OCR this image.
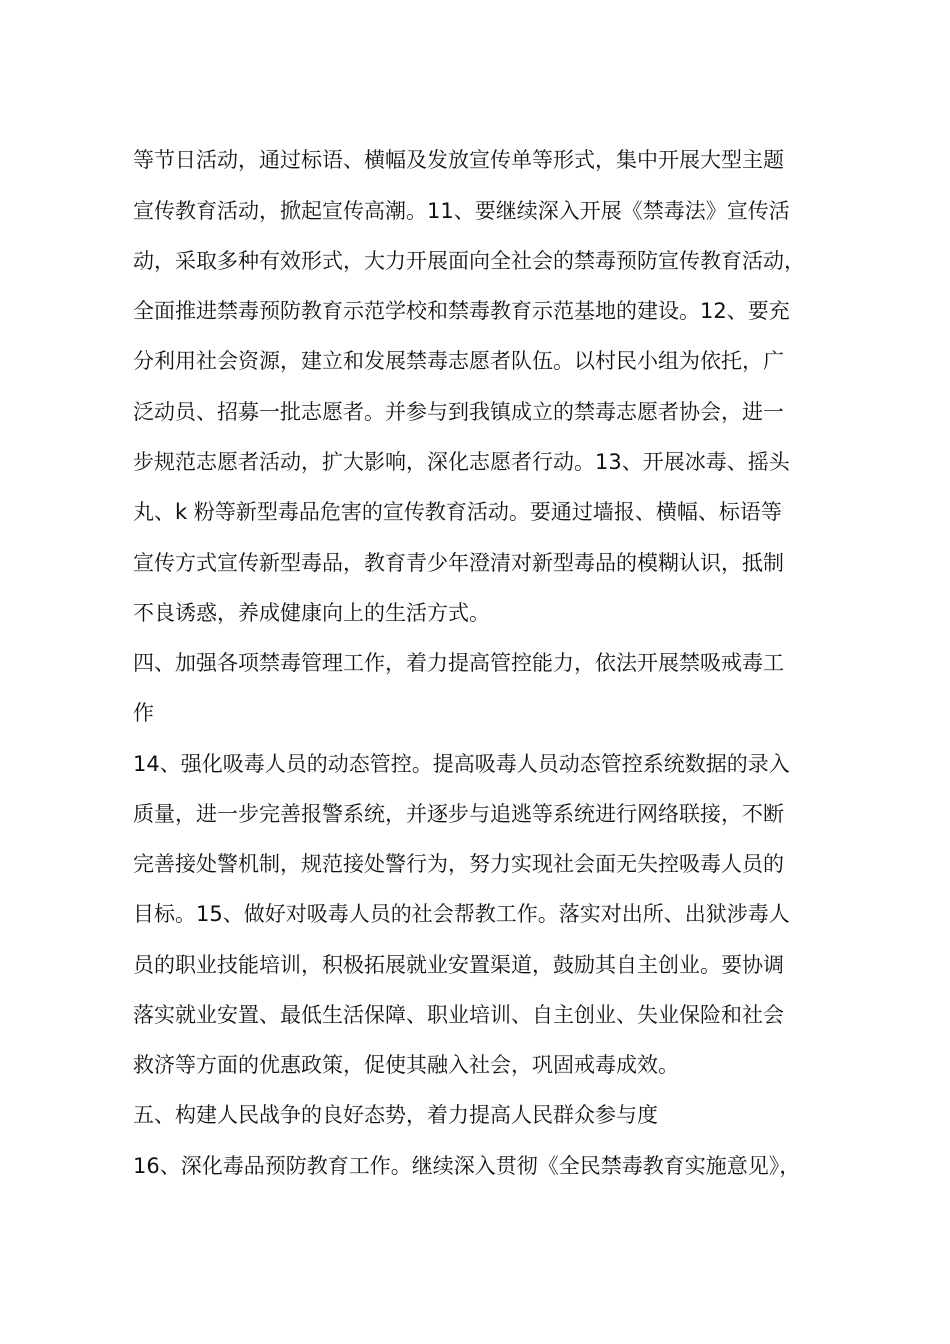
等节日活动，通过标语、横幅及发放宣传单等形式，集中开展大型主题
宣传教育活动，掀起宣传高潮。11、要继续深入开展《禁毒法》宣传活
动，采取多种有效形式，大力开展面向全社会的禁毒预防宣传教育活动，
全面推进禁毒预防教育示范学校和禁毒教育示范基地的建设。12、要充
分利用社会资源，建立和发展禁毒志愿者队伍。以村民小组为依托，广
泛动员、招募一批志愿者。并参与到我镇成立的禁毒志愿者协会，进一
步规范志愿者活动，扩大影响，深化志愿者行动。13、开展冰毒、摇头
丸、k 粉等新型毒品危害的宣传教育活动。要通过墙报、横幅、标语等
宣传方式宣传新型毒品，教育青少年澄清对新型毒品的模糊认识，抵制
不良诱惑，养成健康向上的生活方式。
四、加强各项禁毒管理工作，着力提高管控能力，依法开展禁吸戒毒工
作
14、强化吸毒人员的动态管控。提高吸毒人员动态管控系统数据的录入
质量，进一步完善报警系统，并逐步与追逃等系统进行网络联接，不断
完善接处警机制，规范接处警行为，努力实现社会面无失控吸毒人员的
目标。15、做好对吸毒人员的社会帮教工作。落实对出所、出狱涉毒人
员的职业技能培训，积极拓展就业安置渠道，鼓励其自主创业。要协调
落实就业安置、最低生活保障、职业培训、自主创业、失业保险和社会
救济等方面的优惠政策，促使其融入社会，巩固戒毒成效。
五、构建人民战争的良好态势，着力提高人民群众参与度
16、深化毒品预防教育工作。继续深入贯彻《全民禁毒教育实施意见》，
